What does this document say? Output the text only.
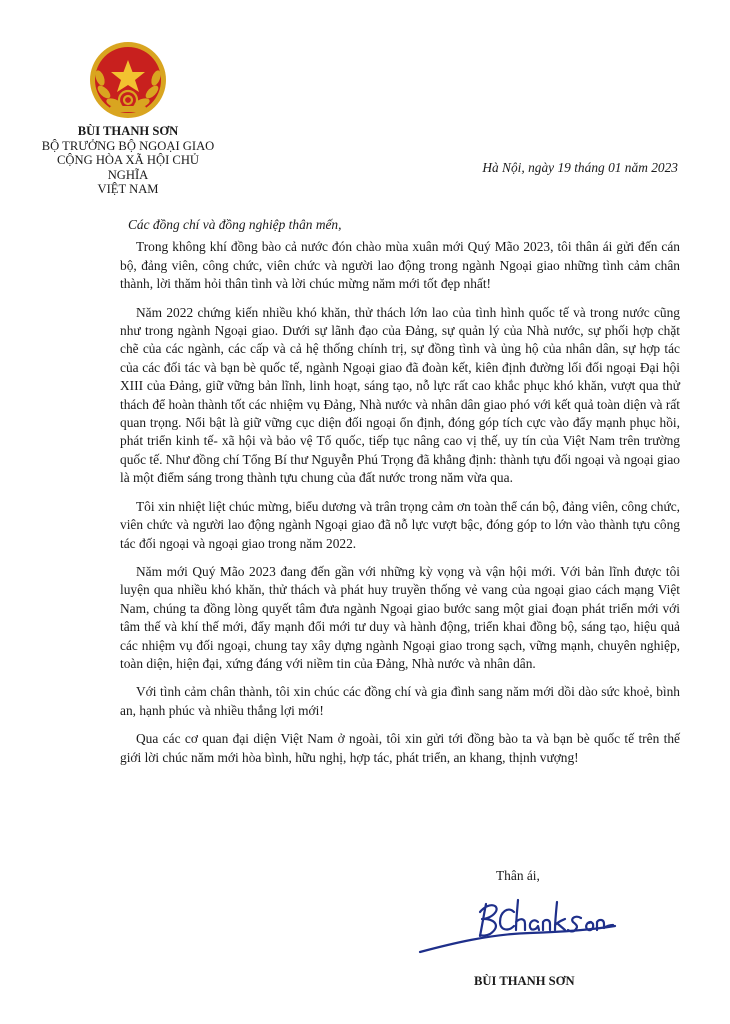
BÙI THANH SƠN
BỘ TRƯỞNG BỘ NGOẠI GIAO
CỘNG HÒA XÃ HỘI CHỦ NGHĨA
VIỆT NAM
Hà Nội, ngày 19 tháng 01 năm 2023

Các đồng chí và đồng nghiệp thân mến,

Trong không khí đồng bào cả nước đón chào mùa xuân mới Quý Mão 2023, tôi thân ái gửi đến cán bộ, đảng viên, công chức, viên chức và người lao động trong ngành Ngoại giao những tình cảm chân thành, lời thăm hỏi thân tình và lời chúc mừng năm mới tốt đẹp nhất!

Năm 2022 chứng kiến nhiều khó khăn, thử thách lớn lao của tình hình quốc tế và trong nước cũng như trong ngành Ngoại giao. Dưới sự lãnh đạo của Đảng, sự quản lý của Nhà nước, sự phối hợp chặt chẽ của các ngành, các cấp và cả hệ thống chính trị, sự đồng tình và ủng hộ của nhân dân, sự hợp tác của các đối tác và bạn bè quốc tế, ngành Ngoại giao đã đoàn kết, kiên định đường lối đối ngoại Đại hội XIII của Đảng, giữ vững bản lĩnh, linh hoạt, sáng tạo, nỗ lực rất cao khắc phục khó khăn, vượt qua thử thách để hoàn thành tốt các nhiệm vụ Đảng, Nhà nước và nhân dân giao phó với kết quả toàn diện và rất quan trọng. Nổi bật là giữ vững cục diện đối ngoại ổn định, đóng góp tích cực vào đẩy mạnh phục hồi, phát triển kinh tế- xã hội và bảo vệ Tổ quốc, tiếp tục nâng cao vị thế, uy tín của Việt Nam trên trường quốc tế. Như đồng chí Tổng Bí thư Nguyễn Phú Trọng đã khẳng định: thành tựu đối ngoại và ngoại giao là một điểm sáng trong thành tựu chung của đất nước trong năm vừa qua.

Tôi xin nhiệt liệt chúc mừng, biểu dương và trân trọng cảm ơn toàn thể cán bộ, đảng viên, công chức, viên chức và người lao động ngành Ngoại giao đã nỗ lực vượt bậc, đóng góp to lớn vào thành tựu công tác đối ngoại và ngoại giao trong năm 2022.

Năm mới Quý Mão 2023 đang đến gần với những kỳ vọng và vận hội mới. Với bản lĩnh được tôi luyện qua nhiều khó khăn, thử thách và phát huy truyền thống vẻ vang của ngoại giao cách mạng Việt Nam, chúng ta đồng lòng quyết tâm đưa ngành Ngoại giao bước sang một giai đoạn phát triển mới với tâm thế và khí thế mới, đẩy mạnh đổi mới tư duy và hành động, triển khai đồng bộ, sáng tạo, hiệu quả các nhiệm vụ đối ngoại, chung tay xây dựng ngành Ngoại giao trong sạch, vững mạnh, chuyên nghiệp, toàn diện, hiện đại, xứng đáng với niềm tin của Đảng, Nhà nước và nhân dân.

Với tình cảm chân thành, tôi xin chúc các đồng chí và gia đình sang năm mới dồi dào sức khoẻ, bình an, hạnh phúc và nhiều thắng lợi mới!

Qua các cơ quan đại diện Việt Nam ở ngoài, tôi xin gửi tới đồng bào ta và bạn bè quốc tế trên thế giới lời chúc năm mới hòa bình, hữu nghị, hợp tác, phát triển, an khang, thịnh vượng!

Thân ái,
BÙI THANH SƠN
